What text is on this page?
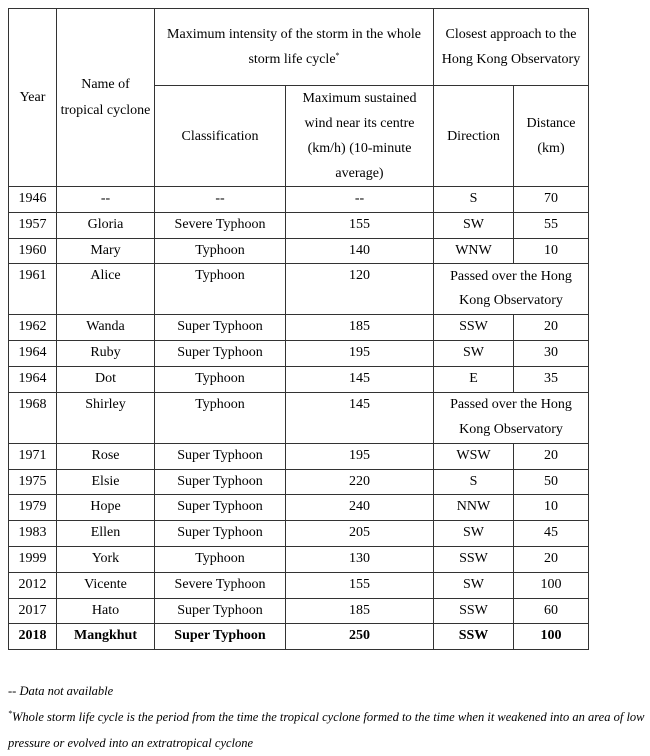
Year	Name of tropical cyclone	Maximum intensity of the storm in the whole storm life cycle*		Closest approach to the Hong Kong Observatory	
		Classification	Maximum sustained wind near its centre (km/h) (10-minute average)	Direction	Distance (km)
1946	--	--	--	S	70
1957	Gloria	Severe Typhoon	155	SW	55
1960	Mary	Typhoon	140	WNW	10
1961	Alice	Typhoon	120	Passed over the Hong Kong Observatory	
1962	Wanda	Super Typhoon	185	SSW	20
1964	Ruby	Super Typhoon	195	SW	30
1964	Dot	Typhoon	145	E	35
1968	Shirley	Typhoon	145	Passed over the Hong Kong Observatory	
1971	Rose	Super Typhoon	195	WSW	20
1975	Elsie	Super Typhoon	220	S	50
1979	Hope	Super Typhoon	240	NNW	10
1983	Ellen	Super Typhoon	205	SW	45
1999	York	Typhoon	130	SSW	20
2012	Vicente	Severe Typhoon	155	SW	100
2017	Hato	Super Typhoon	185	SSW	60
2018	Mangkhut	Super Typhoon	250	SSW	100

-- Data not available

*Whole storm life cycle is the period from the time the tropical cyclone formed to the time when it weakened into an area of low pressure or evolved into an extratropical cyclone
